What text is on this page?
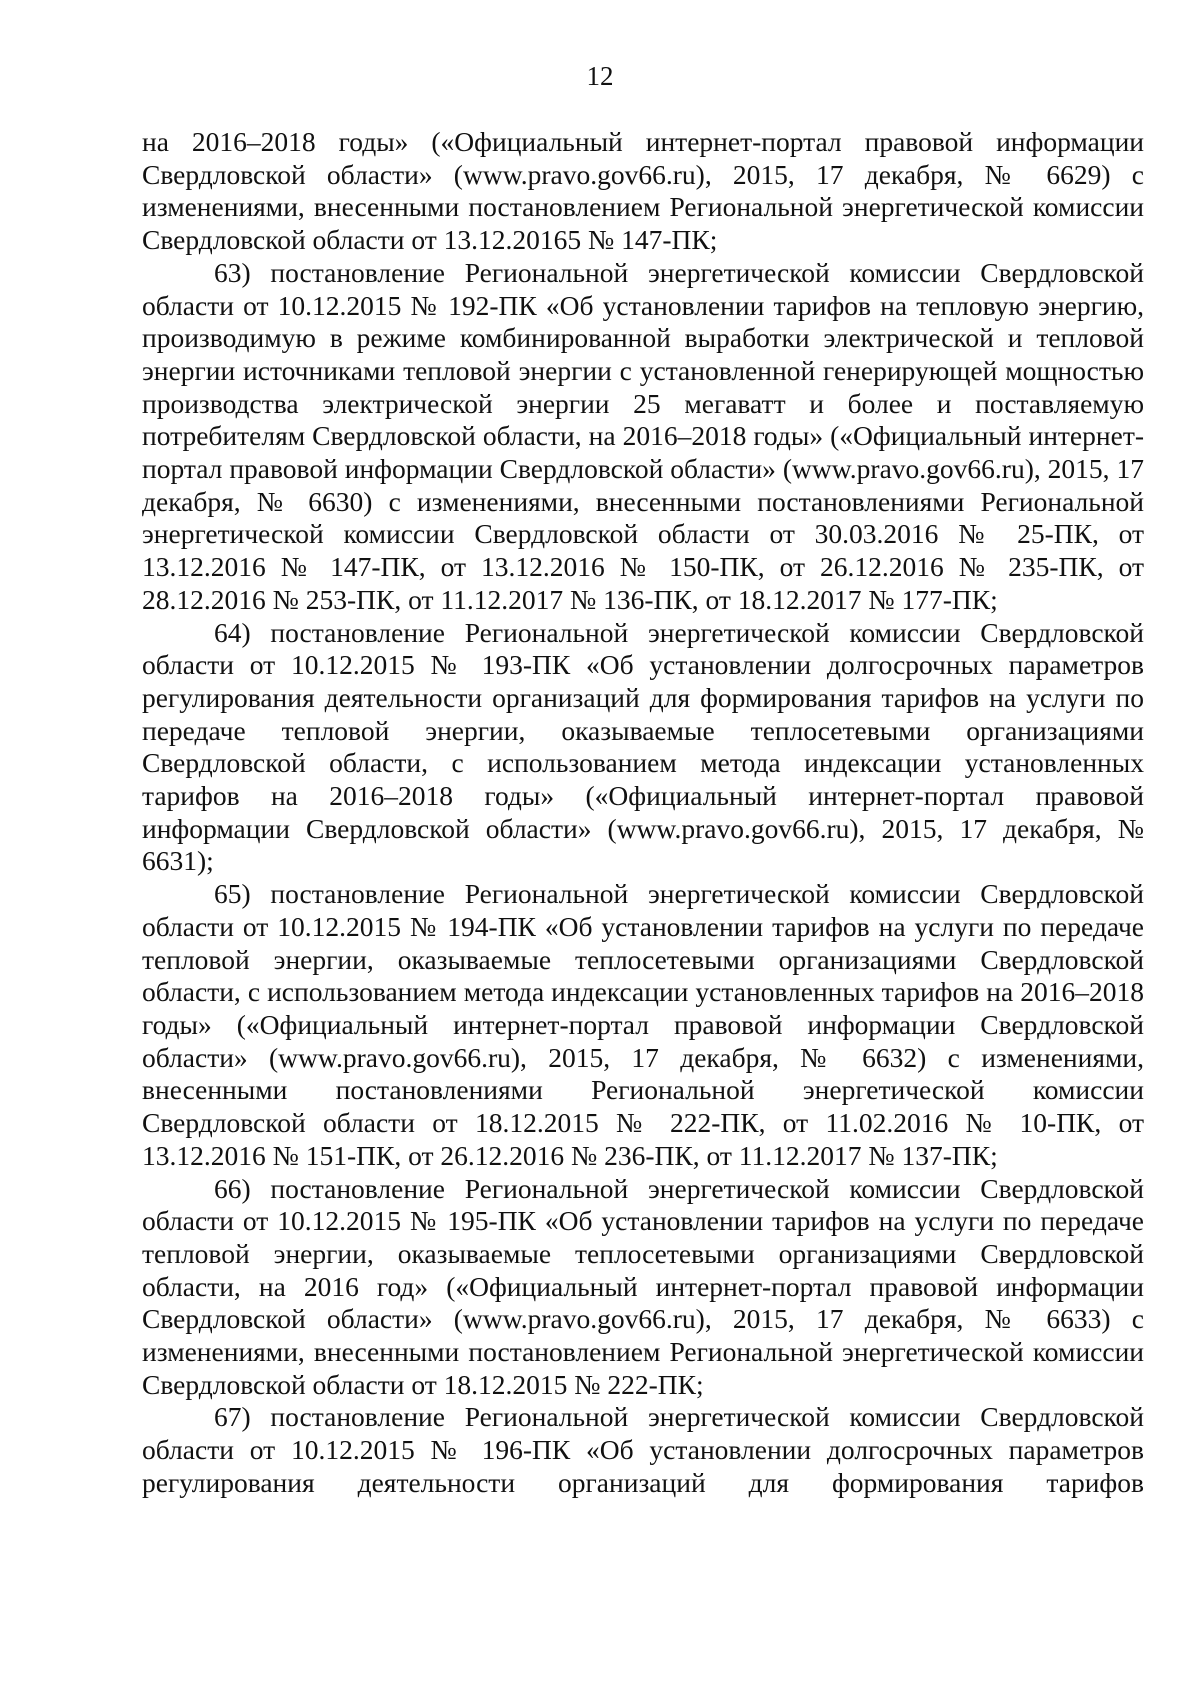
12

на 2016–2018 годы» («Официальный интернет-портал правовой информации Свердловской области» (www.pravo.gov66.ru), 2015, 17 декабря, № 6629) с изменениями, внесенными постановлением Региональной энергетической комиссии Свердловской области от 13.12.20165 № 147-ПК;

63) постановление Региональной энергетической комиссии Свердловской области от 10.12.2015 № 192-ПК «Об установлении тарифов на тепловую энергию, производимую в режиме комбинированной выработки электрической и тепловой энергии источниками тепловой энергии с установленной генерирующей мощностью производства электрической энергии 25 мегаватт и более и поставляемую потребителям Свердловской области, на 2016–2018 годы» («Официальный интернет-портал правовой информации Свердловской области» (www.pravo.gov66.ru), 2015, 17 декабря, № 6630) с изменениями, внесенными постановлениями Региональной энергетической комиссии Свердловской области от 30.03.2016 № 25-ПК, от 13.12.2016 № 147-ПК, от 13.12.2016 № 150-ПК, от 26.12.2016 № 235-ПК, от 28.12.2016 № 253-ПК, от 11.12.2017 № 136-ПК, от 18.12.2017 № 177-ПК;

64) постановление Региональной энергетической комиссии Свердловской области от 10.12.2015 № 193-ПК «Об установлении долгосрочных параметров регулирования деятельности организаций для формирования тарифов на услуги по передаче тепловой энергии, оказываемые теплосетевыми организациями Свердловской области, с использованием метода индексации установленных тарифов на 2016–2018 годы» («Официальный интернет-портал правовой информации Свердловской области» (www.pravo.gov66.ru), 2015, 17 декабря, № 6631);

65) постановление Региональной энергетической комиссии Свердловской области от 10.12.2015 № 194-ПК «Об установлении тарифов на услуги по передаче тепловой энергии, оказываемые теплосетевыми организациями Свердловской области, с использованием метода индексации установленных тарифов на 2016–2018 годы» («Официальный интернет-портал правовой информации Свердловской области» (www.pravo.gov66.ru), 2015, 17 декабря, № 6632) с изменениями, внесенными постановлениями Региональной энергетической комиссии Свердловской области от 18.12.2015 № 222-ПК, от 11.02.2016 № 10-ПК, от 13.12.2016 № 151-ПК, от 26.12.2016 № 236-ПК, от 11.12.2017 № 137-ПК;

66) постановление Региональной энергетической комиссии Свердловской области от 10.12.2015 № 195-ПК «Об установлении тарифов на услуги по передаче тепловой энергии, оказываемые теплосетевыми организациями Свердловской области, на 2016 год» («Официальный интернет-портал правовой информации Свердловской области» (www.pravo.gov66.ru), 2015, 17 декабря, № 6633) с изменениями, внесенными постановлением Региональной энергетической комиссии Свердловской области от 18.12.2015 № 222-ПК;

67) постановление Региональной энергетической комиссии Свердловской области от 10.12.2015 № 196-ПК «Об установлении долгосрочных параметров регулирования деятельности организаций для формирования тарифов
